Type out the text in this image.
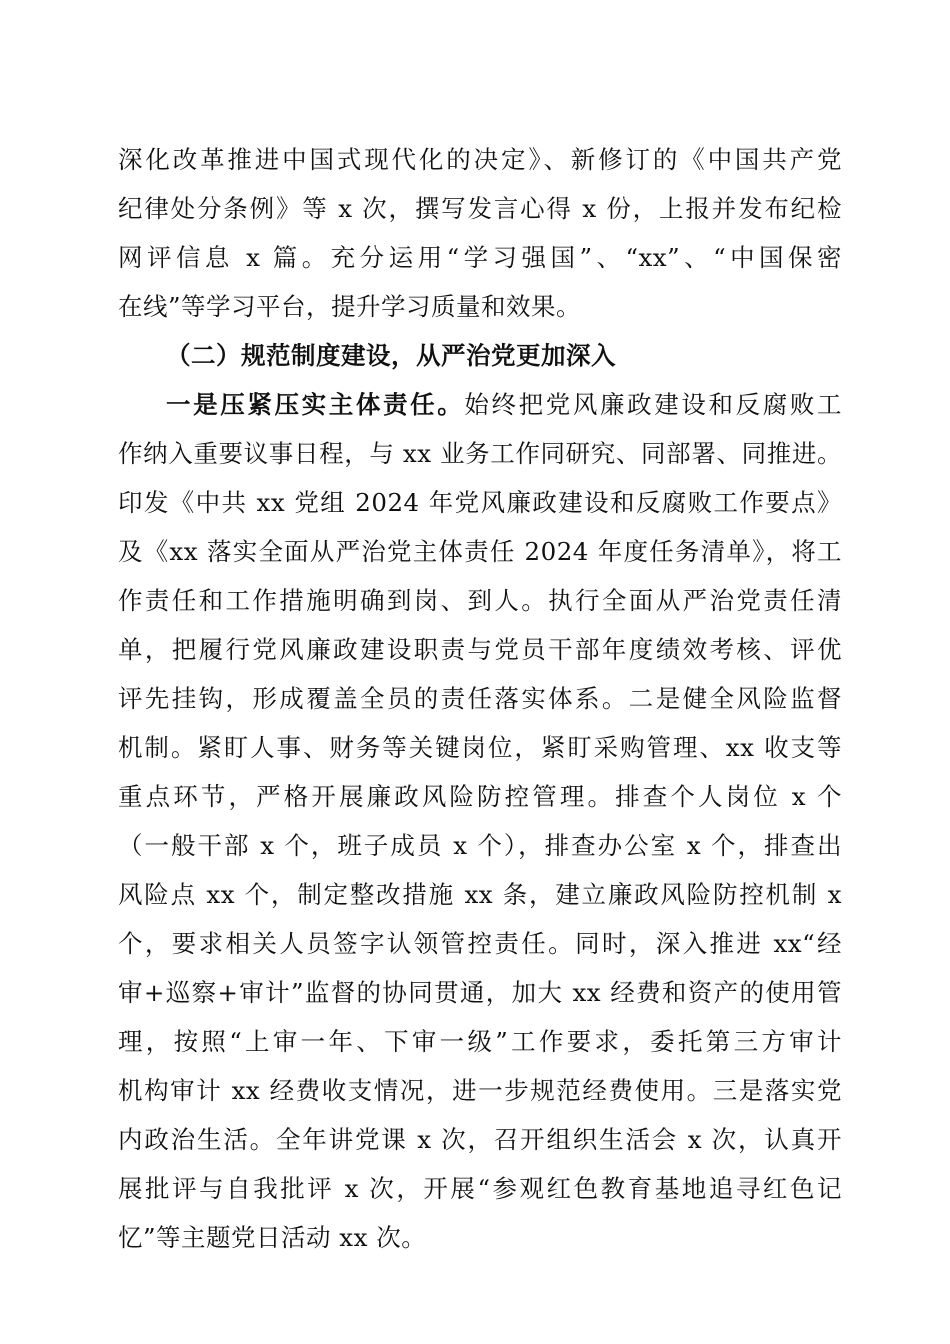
深化改革推进中国式现代化的决定》、新修订的《中国共产党
纪律处分条例》等 x 次，撰写发言心得 x 份，上报并发布纪检
网评信息 x 篇。充分运用“学习强国”、“xx”、“中国保密
在线”等学习平台，提升学习质量和效果。
（二）规范制度建设，从严治党更加深入
一是压紧压实主体责任。始终把党风廉政建设和反腐败工
作纳入重要议事日程，与 xx 业务工作同研究、同部署、同推进。
印发《中共 xx 党组 2024 年党风廉政建设和反腐败工作要点》
及《xx 落实全面从严治党主体责任 2024 年度任务清单》，将工
作责任和工作措施明确到岗、到人。执行全面从严治党责任清
单，把履行党风廉政建设职责与党员干部年度绩效考核、评优
评先挂钩，形成覆盖全员的责任落实体系。二是健全风险监督
机制。紧盯人事、财务等关键岗位，紧盯采购管理、xx 收支等
重点环节，严格开展廉政风险防控管理。排查个人岗位 x 个
（一般干部 x 个，班子成员 x 个），排查办公室 x 个，排查出
风险点 xx 个，制定整改措施 xx 条，建立廉政风险防控机制 x
个，要求相关人员签字认领管控责任。同时，深入推进 xx“经
审+巡察+审计”监督的协同贯通，加大 xx 经费和资产的使用管
理，按照“上审一年、下审一级”工作要求，委托第三方审计
机构审计 xx 经费收支情况，进一步规范经费使用。三是落实党
内政治生活。全年讲党课 x 次，召开组织生活会 x 次，认真开
展批评与自我批评 x 次，开展“参观红色教育基地追寻红色记
忆”等主题党日活动 xx 次。
